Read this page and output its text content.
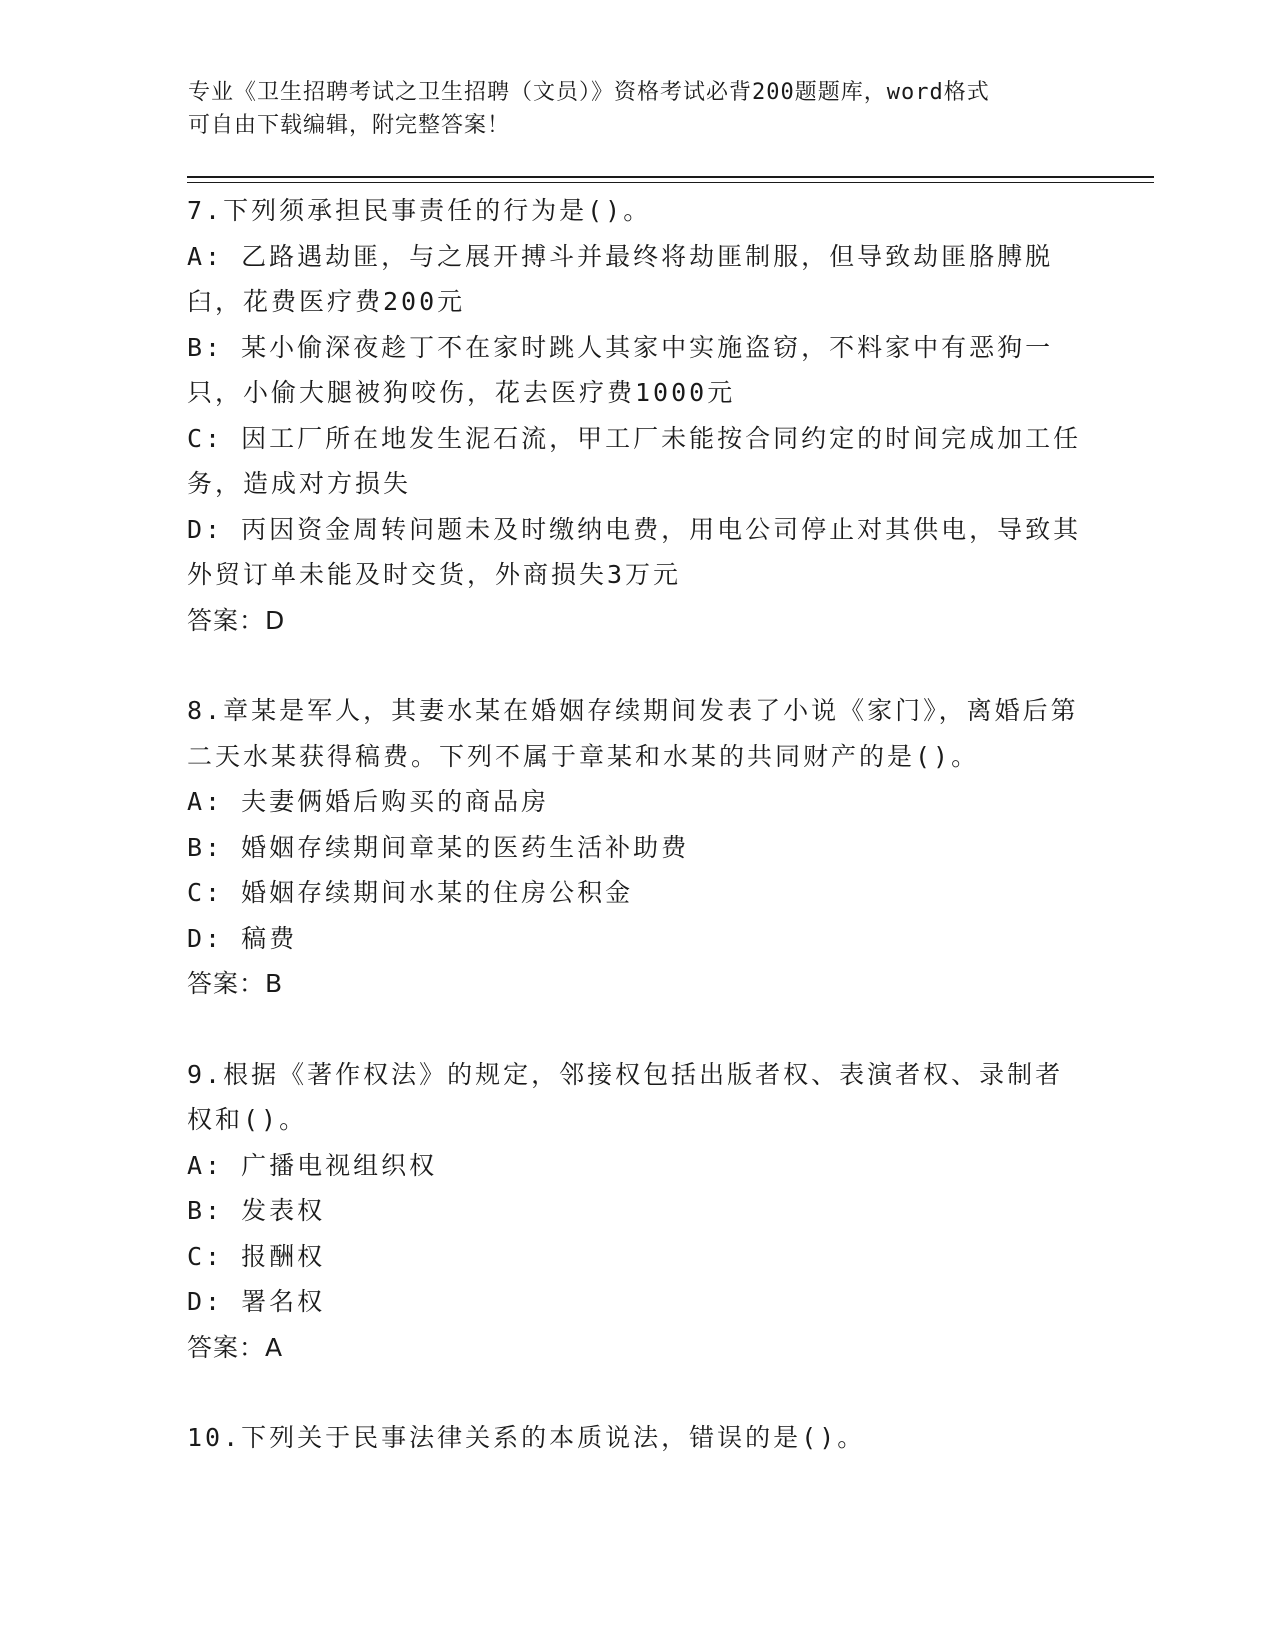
专业《卫生招聘考试之卫生招聘（文员）》资格考试必背200题题库，word格式
可自由下载编辑，附完整答案！
7.下列须承担民事责任的行为是()。
A: 乙路遇劫匪，与之展开搏斗并最终将劫匪制服，但导致劫匪胳膊脱臼，花费医疗费200元
B: 某小偷深夜趁丁不在家时跳人其家中实施盗窃，不料家中有恶狗一只，小偷大腿被狗咬伤，花去医疗费1000元
C: 因工厂所在地发生泥石流，甲工厂未能按合同约定的时间完成加工任务，造成对方损失
D: 丙因资金周转问题未及时缴纳电费，用电公司停止对其供电，导致其外贸订单未能及时交货，外商损失3万元
答案：D
8.章某是军人，其妻水某在婚姻存续期间发表了小说《家门》，离婚后第二天水某获得稿费。下列不属于章某和水某的共同财产的是()。
A: 夫妻俩婚后购买的商品房
B: 婚姻存续期间章某的医药生活补助费
C: 婚姻存续期间水某的住房公积金
D: 稿费
答案：B
9.根据《著作权法》的规定，邻接权包括出版者权、表演者权、录制者权和()。
A: 广播电视组织权
B: 发表权
C: 报酬权
D: 署名权
答案：A
10.下列关于民事法律关系的本质说法，错误的是()。
